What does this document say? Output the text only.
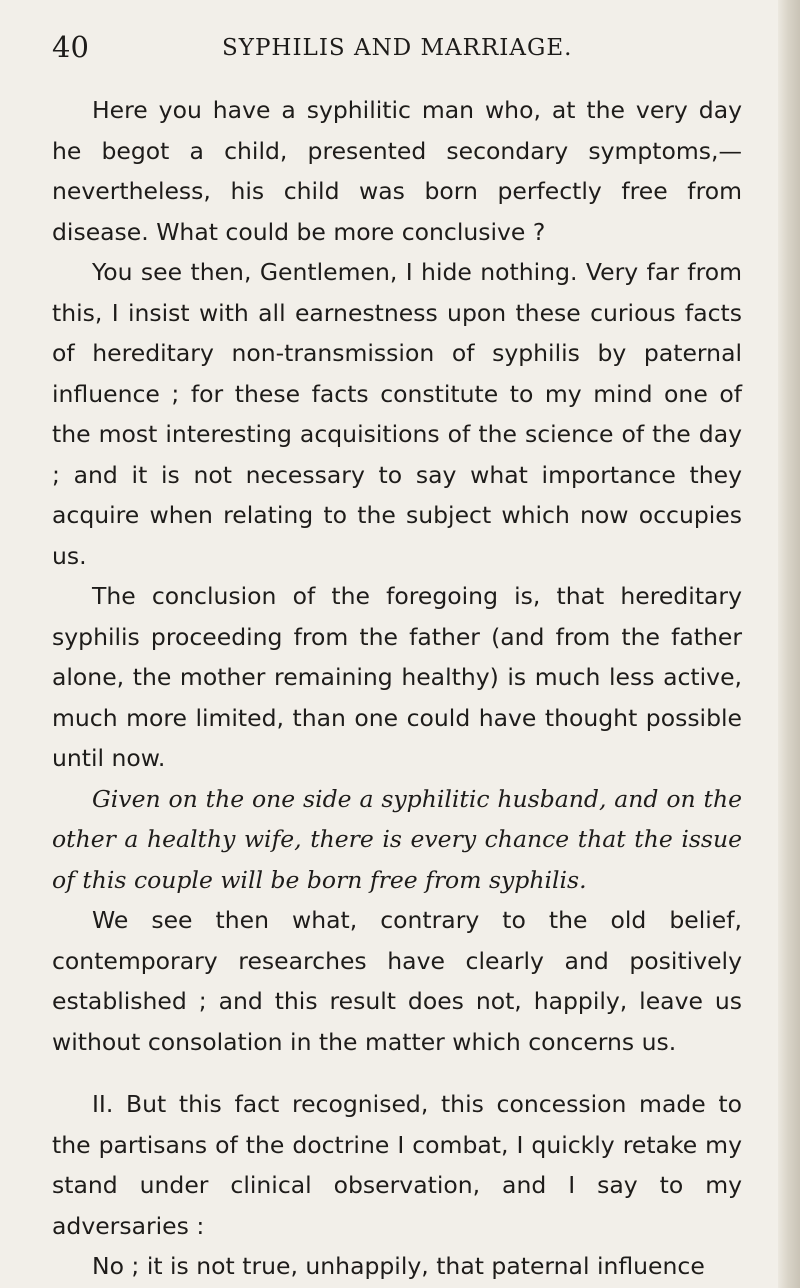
40	SYPHILIS AND MARRIAGE.

Here you have a syphilitic man who, at the very day he begot a child, presented secondary symptoms,— nevertheless, his child was born perfectly free from disease. What could be more conclusive ?

You see then, Gentlemen, I hide nothing. Very far from this, I insist with all earnestness upon these curious facts of hereditary non-transmission of syphilis by paternal influence ; for these facts constitute to my mind one of the most interesting acquisitions of the science of the day ; and it is not necessary to say what importance they acquire when relating to the subject which now occupies us.

The conclusion of the foregoing is, that hereditary syphilis proceeding from the father (and from the father alone, the mother remaining healthy) is much less active, much more limited, than one could have thought possible until now.

Given on the one side a syphilitic husband, and on the other a healthy wife, there is every chance that the issue of this couple will be born free from syphilis.

We see then what, contrary to the old belief, contemporary researches have clearly and positively established ; and this result does not, happily, leave us without consolation in the matter which concerns us.

II. But this fact recognised, this concession made to the partisans of the doctrine I combat, I quickly retake my stand under clinical observation, and I say to my adversaries :

No ; it is not true, unhappily, that paternal influence
